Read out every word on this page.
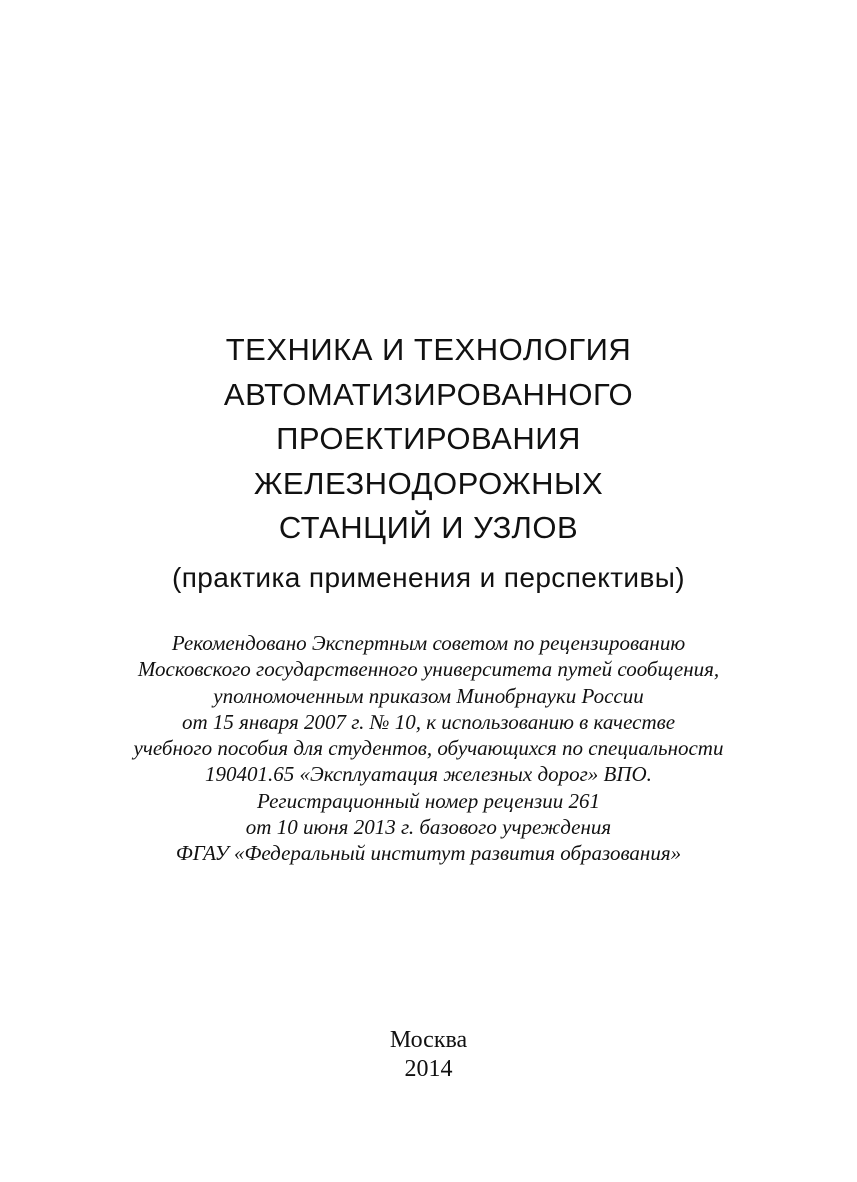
ТЕХНИКА И ТЕХНОЛОГИЯ
АВТОМАТИЗИРОВАННОГО
ПРОЕКТИРОВАНИЯ
ЖЕЛЕЗНОДОРОЖНЫХ
СТАНЦИЙ И УЗЛОВ
(практика применения и перспективы)
Рекомендовано Экспертным советом по рецензированию
Московского государственного университета путей сообщения,
уполномоченным приказом Минобрнауки России
от 15 января 2007 г. № 10, к использованию в качестве
учебного пособия для студентов, обучающихся по специальности
190401.65 «Эксплуатация железных дорог» ВПО.
Регистрационный номер рецензии 261
от 10 июня 2013 г. базового учреждения
ФГАУ «Федеральный институт развития образования»
Москва
2014
